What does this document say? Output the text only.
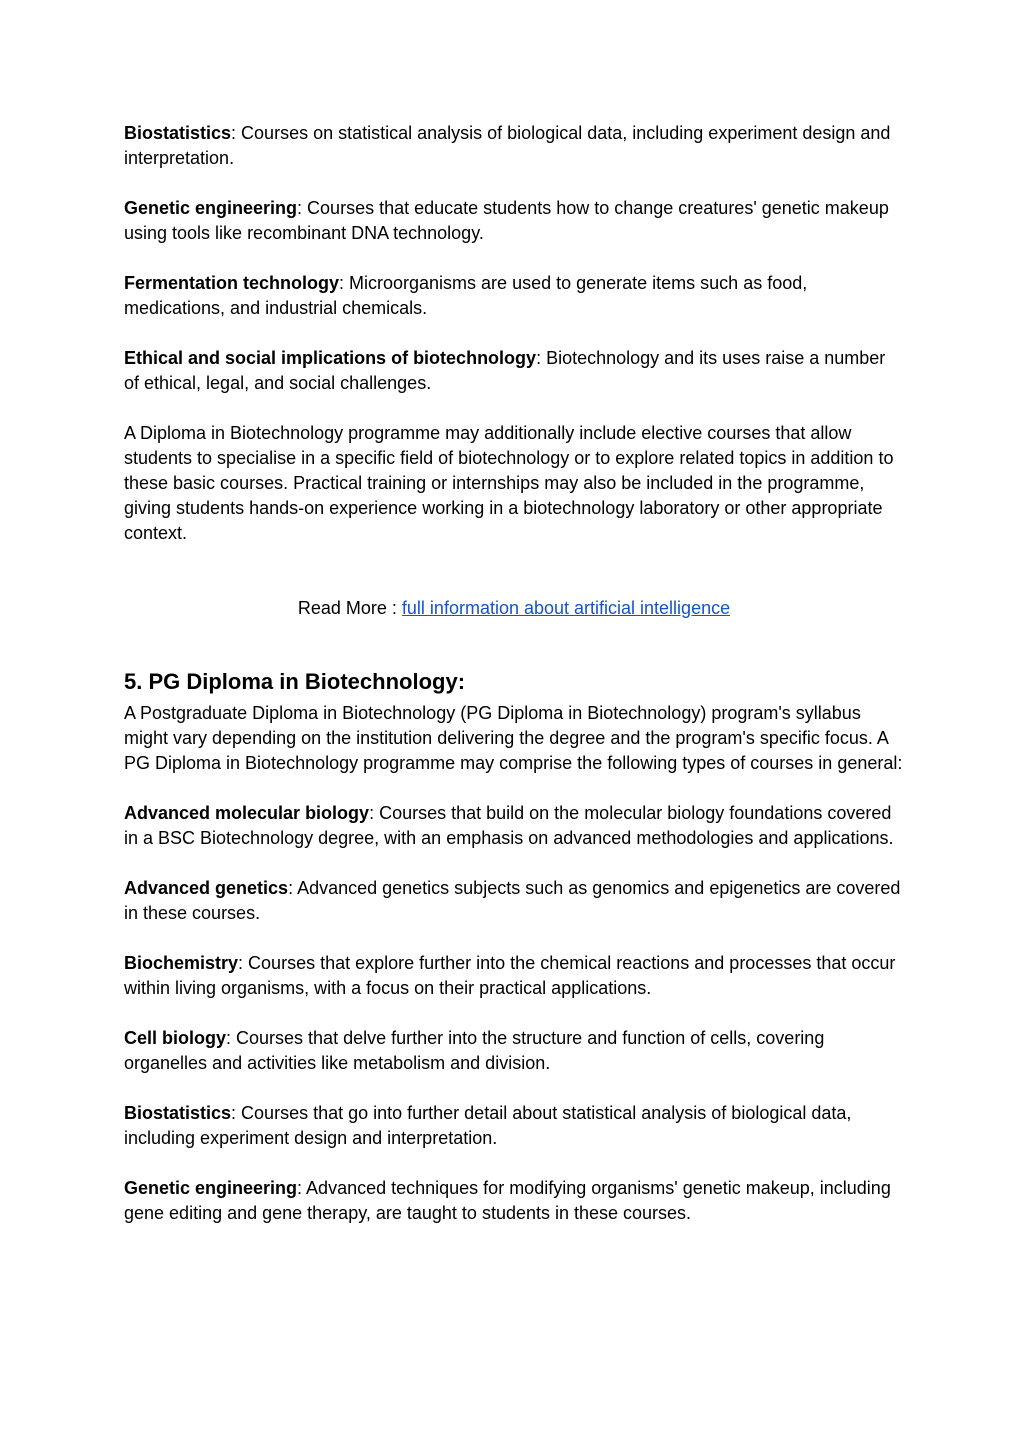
Biostatistics: Courses on statistical analysis of biological data, including experiment design and interpretation.

Genetic engineering: Courses that educate students how to change creatures' genetic makeup using tools like recombinant DNA technology.

Fermentation technology: Microorganisms are used to generate items such as food, medications, and industrial chemicals.

Ethical and social implications of biotechnology: Biotechnology and its uses raise a number of ethical, legal, and social challenges.

A Diploma in Biotechnology programme may additionally include elective courses that allow students to specialise in a specific field of biotechnology or to explore related topics in addition to these basic courses. Practical training or internships may also be included in the programme, giving students hands-on experience working in a biotechnology laboratory or other appropriate context.

Read More : full information about artificial intelligence

5. PG Diploma in Biotechnology:

A Postgraduate Diploma in Biotechnology (PG Diploma in Biotechnology) program's syllabus might vary depending on the institution delivering the degree and the program's specific focus. A PG Diploma in Biotechnology programme may comprise the following types of courses in general:

Advanced molecular biology: Courses that build on the molecular biology foundations covered in a BSC Biotechnology degree, with an emphasis on advanced methodologies and applications.

Advanced genetics: Advanced genetics subjects such as genomics and epigenetics are covered in these courses.

Biochemistry: Courses that explore further into the chemical reactions and processes that occur within living organisms, with a focus on their practical applications.

Cell biology: Courses that delve further into the structure and function of cells, covering organelles and activities like metabolism and division.

Biostatistics: Courses that go into further detail about statistical analysis of biological data, including experiment design and interpretation.

Genetic engineering: Advanced techniques for modifying organisms' genetic makeup, including gene editing and gene therapy, are taught to students in these courses.
